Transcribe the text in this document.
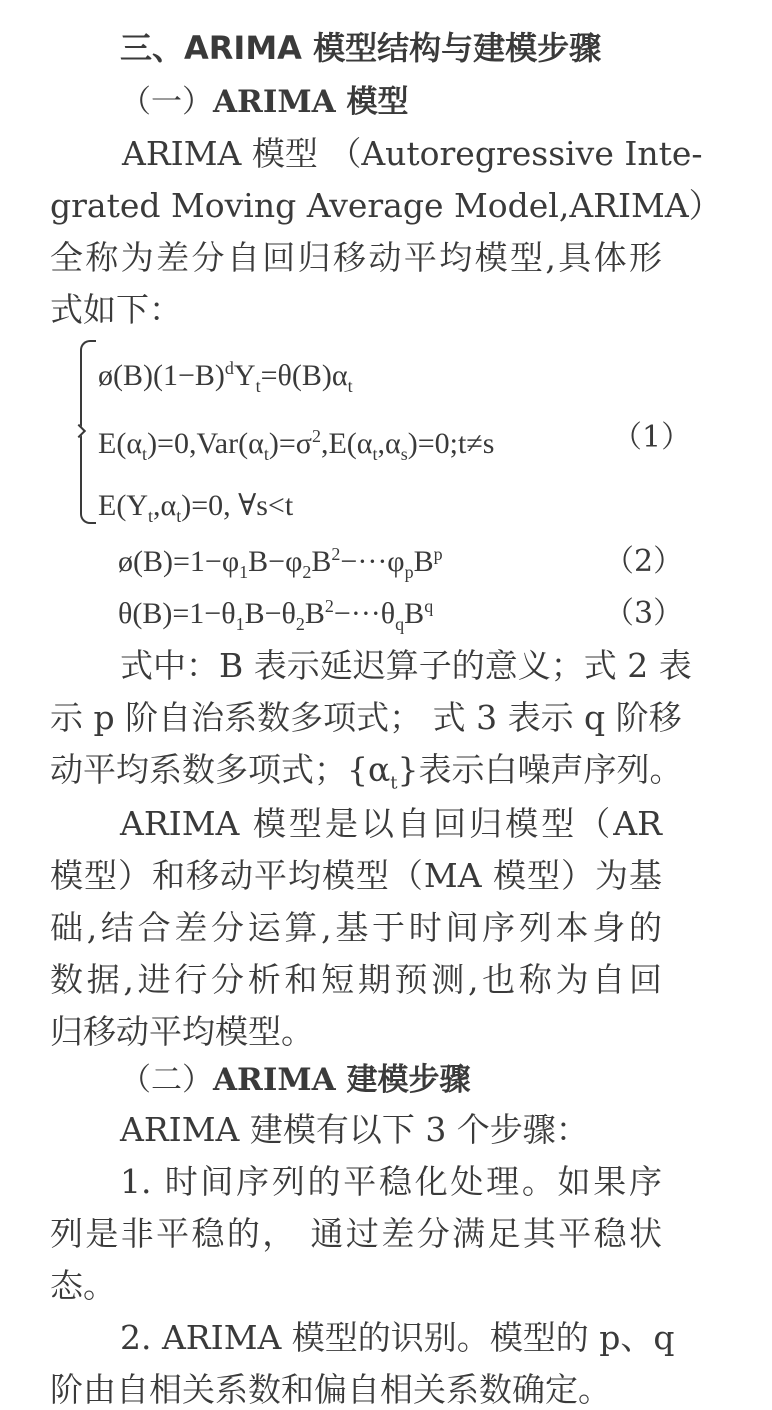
三、ARIMA 模型结构与建模步骤
（一）ARIMA 模型
ARIMA 模型 （Autoregressive Inte-
grated Moving Average Model,ARIMA）
全称为差分自回归移动平均模型,具体形
式如下：
$ø(B)(1-B)^dY_t=\theta(B)\alpha_t$
$E(\alpha_t)=0,Var(\alpha_t)=\sigma^2,E(\alpha_t,\alpha_s)=0;t\ne s$	（1）
$E(Y_t,\alpha_t)=0$, ∀s<t
$ø(B)=1-\varphi_1B-\varphi_2B^2-\cdot\cdot\cdot\varphi_pB^p$	（2）
$\theta(B)=1-\theta_1B-\theta_2B^2-\cdot\cdot\cdot\theta_qB^q$	（3）
式中：B 表示延迟算子的意义；式 2 表
示 p 阶自治系数多项式； 式 3 表示 q 阶移
动平均系数多项式；$\{\alpha_t\}$表示白噪声序列。
ARIMA 模型是以自回归模型（AR
模型）和移动平均模型（MA 模型）为基
础,结合差分运算,基于时间序列本身的
数据,进行分析和短期预测,也称为自回
归移动平均模型。
（二）ARIMA 建模步骤
ARIMA 建模有以下 3 个步骤：
1. 时间序列的平稳化处理。如果序
列是非平稳的， 通过差分满足其平稳状
态。
2. ARIMA 模型的识别。模型的 p、q
阶由自相关系数和偏自相关系数确定。
